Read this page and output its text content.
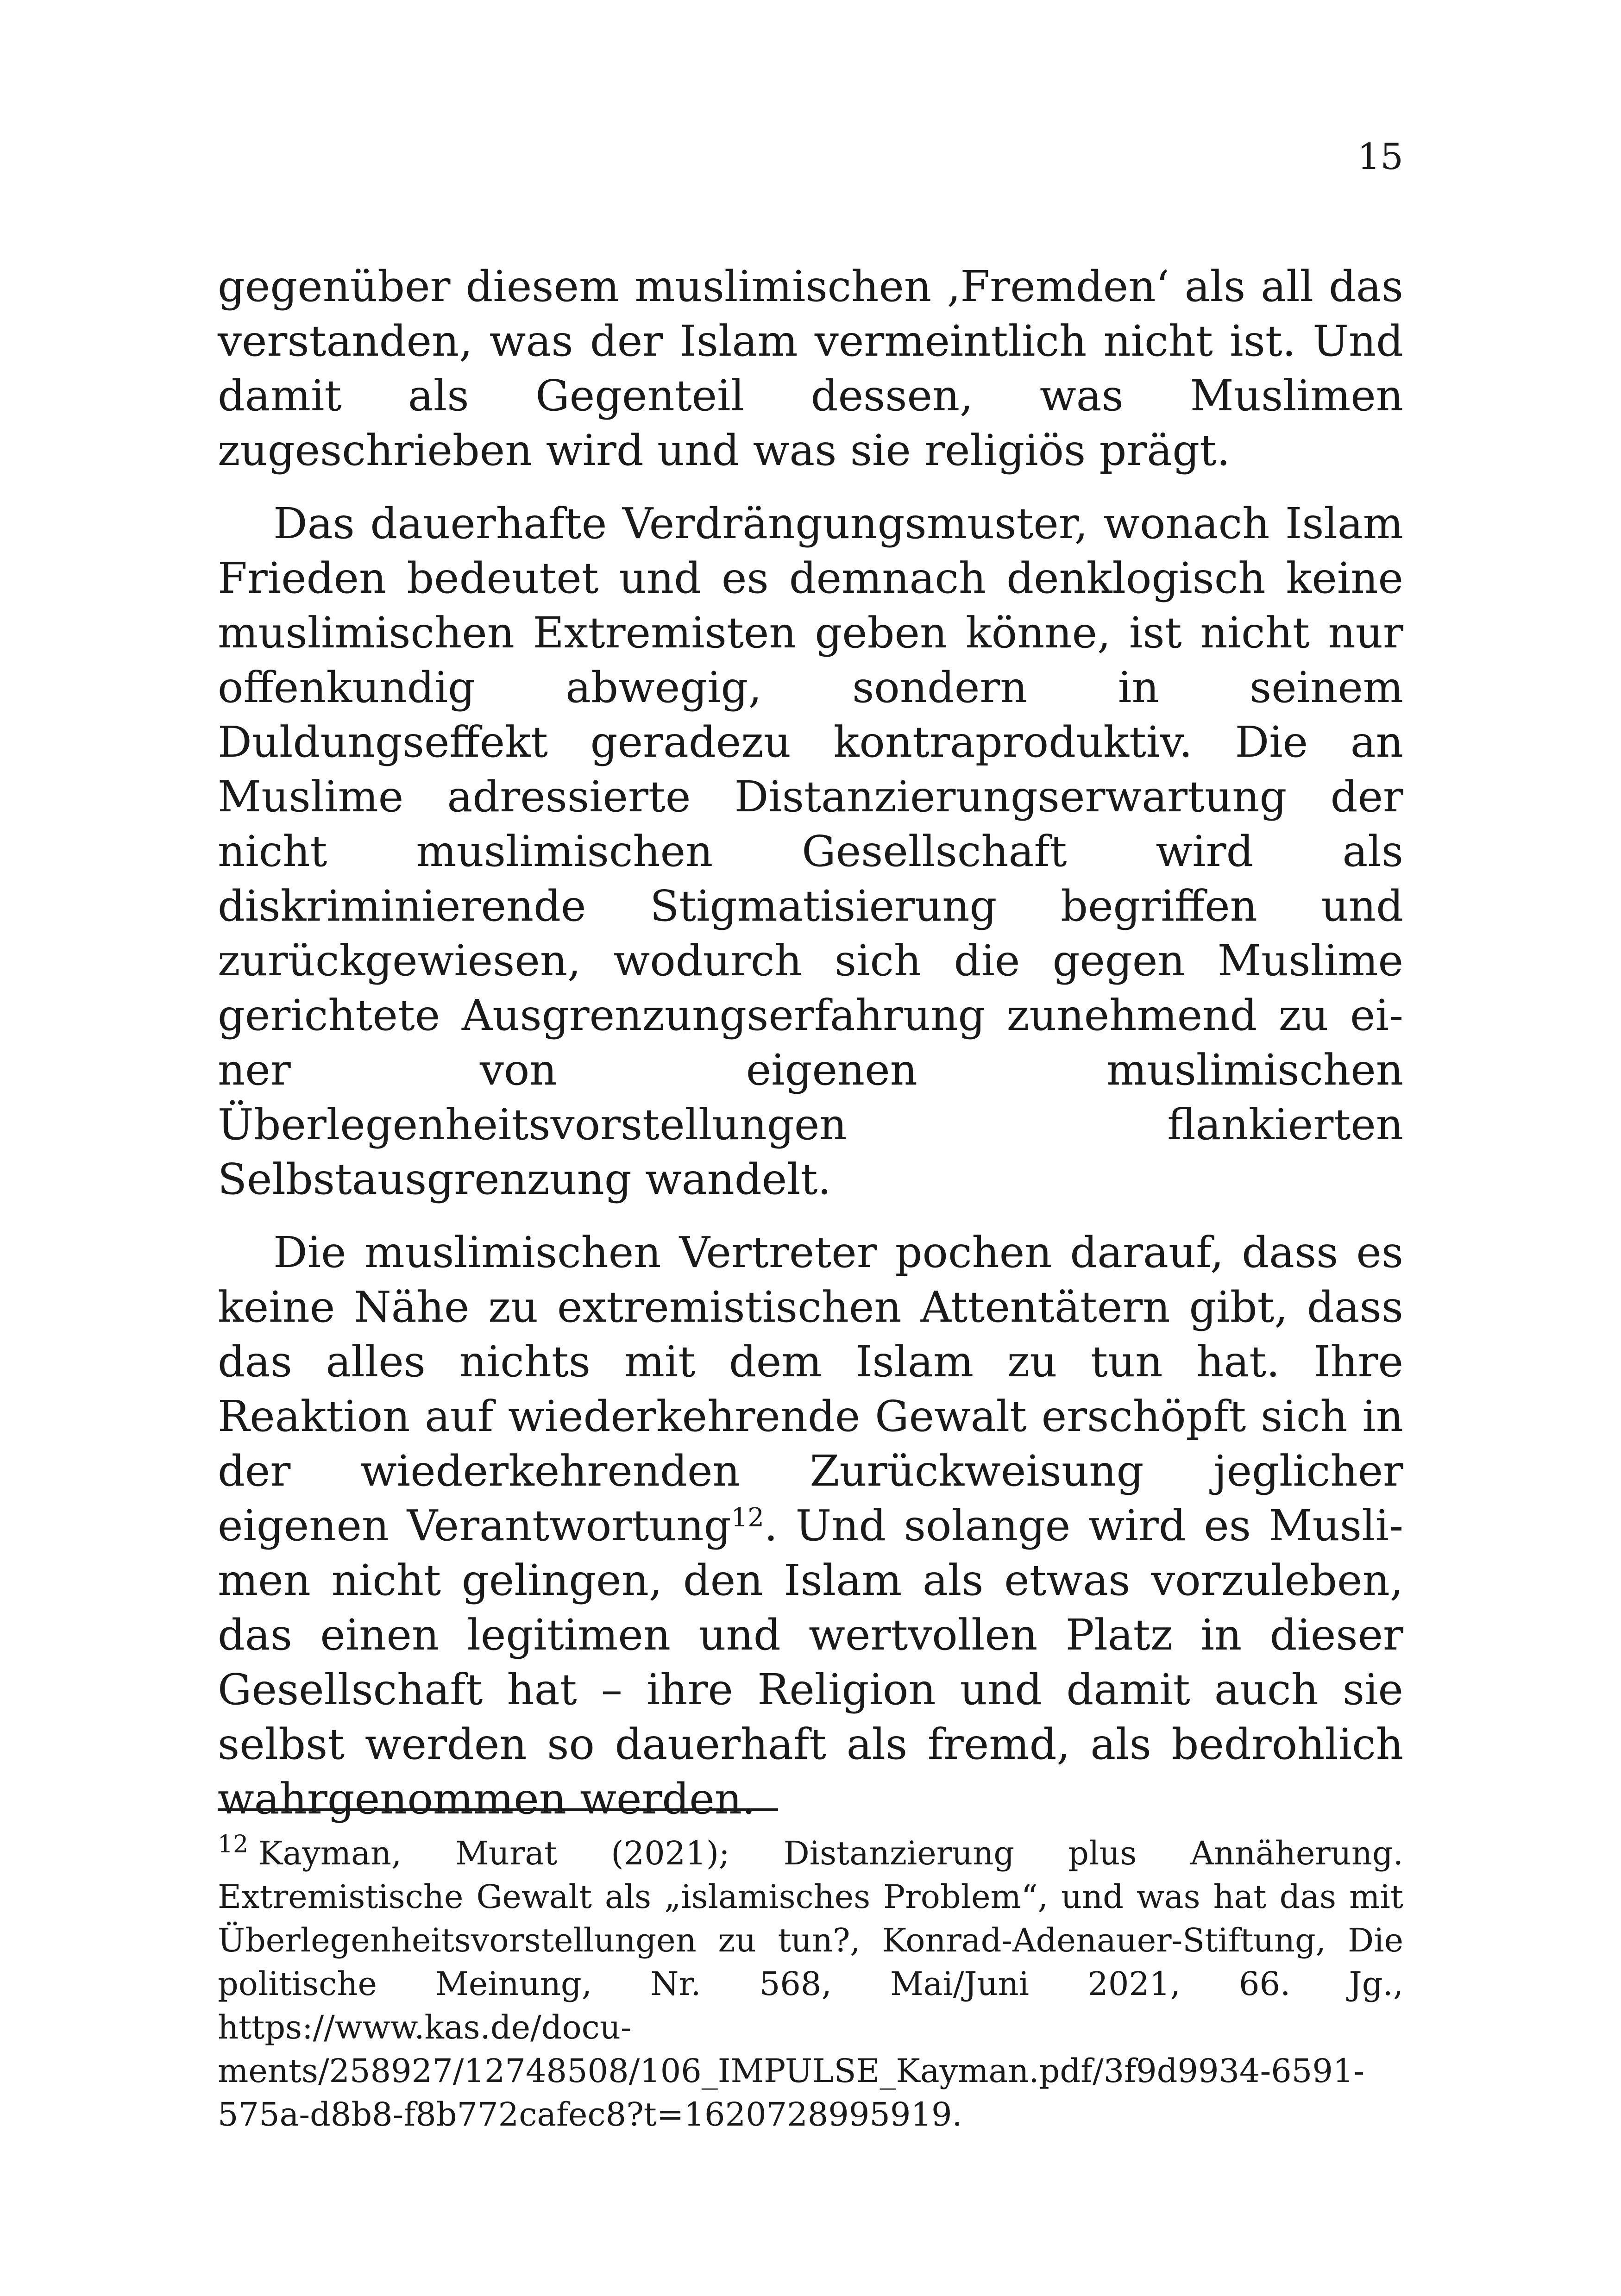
15

gegenüber diesem muslimischen ‚Fremden‘ als all das verstanden, was der Islam vermeintlich nicht ist. Und damit als Gegenteil dessen, was Muslimen zugeschrieben wird und was sie religiös prägt.

Das dauerhafte Verdrängungsmuster, wonach Islam Frieden bedeutet und es demnach denklogisch keine muslimischen Extremisten geben könne, ist nicht nur offenkundig abwegig, sondern in seinem Duldungseffekt geradezu kontraproduktiv. Die an Muslime adressierte Distanzierungserwartung der nicht muslimischen Gesellschaft wird als diskriminierende Stigmatisierung begriffen und zurückgewiesen, wodurch sich die gegen Muslime gerichtete Ausgrenzungserfahrung zunehmend zu einer von eigenen muslimischen Überlegenheitsvorstellungen flankierten Selbstausgrenzung wandelt.

Die muslimischen Vertreter pochen darauf, dass es keine Nähe zu extremistischen Attentätern gibt, dass das alles nichts mit dem Islam zu tun hat. Ihre Reaktion auf wiederkehrende Gewalt erschöpft sich in der wiederkehrenden Zurückweisung jeglicher eigenen Verantwortung$^{12}$. Und solange wird es Muslimen nicht gelingen, den Islam als etwas vorzuleben, das einen legitimen und wertvollen Platz in dieser Gesellschaft hat – ihre Religion und damit auch sie selbst werden so dauerhaft als fremd, als bedrohlich wahrgenommen werden.

$^{12}$ Kayman, Murat (2021); Distanzierung plus Annäherung. Extremistische Gewalt als „islamisches Problem“, und was hat das mit Überlegenheitsvorstellungen zu tun?, Konrad-Adenauer-Stiftung, Die politische Meinung, Nr. 568, Mai/Juni 2021, 66. Jg., https://www.kas.de/documents/258927/12748508/106_IMPULSE_Kayman.pdf/3f9d9934-6591-575a-d8b8-f8b772cafec8?t=1620728995919.
